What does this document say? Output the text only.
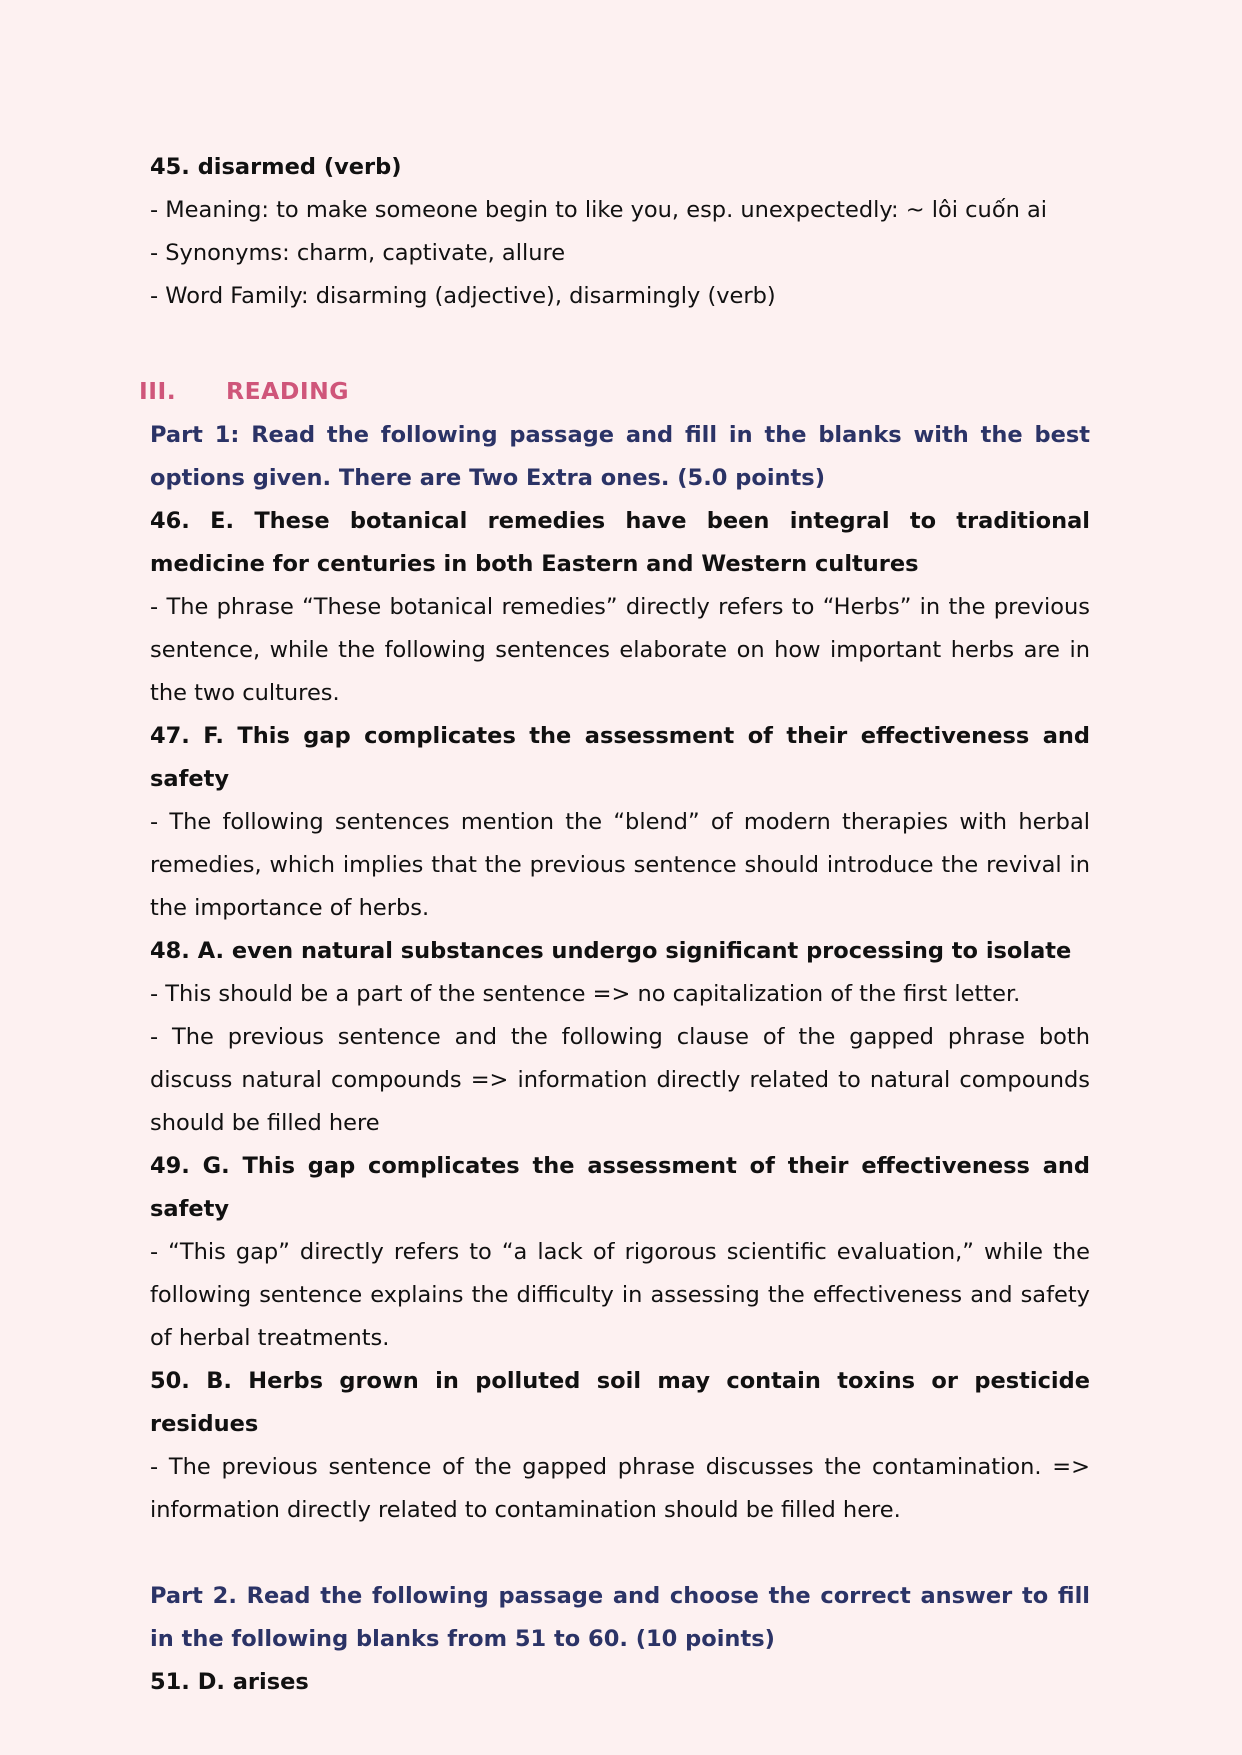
45. disarmed (verb)

- Meaning: to make someone begin to like you, esp. unexpectedly: ~ lôi cuốn ai

- Synonyms: charm, captivate, allure

- Word Family: disarming (adjective), disarmingly (verb)

III. READING

Part 1: Read the following passage and fill in the blanks with the best options given. There are Two Extra ones. (5.0 points)

46. E. These botanical remedies have been integral to traditional medicine for centuries in both Eastern and Western cultures

- The phrase “These botanical remedies” directly refers to “Herbs” in the previous sentence, while the following sentences elaborate on how important herbs are in the two cultures.

47. F. This gap complicates the assessment of their effectiveness and safety

- The following sentences mention the “blend” of modern therapies with herbal remedies, which implies that the previous sentence should introduce the revival in the importance of herbs.

48. A. even natural substances undergo significant processing to isolate

- This should be a part of the sentence => no capitalization of the first letter.

- The previous sentence and the following clause of the gapped phrase both discuss natural compounds => information directly related to natural compounds should be filled here

49. G. This gap complicates the assessment of their effectiveness and safety

- “This gap” directly refers to “a lack of rigorous scientific evaluation,” while the following sentence explains the difficulty in assessing the effectiveness and safety of herbal treatments.

50. B. Herbs grown in polluted soil may contain toxins or pesticide residues

- The previous sentence of the gapped phrase discusses the contamination. => information directly related to contamination should be filled here.

Part 2. Read the following passage and choose the correct answer to fill in the following blanks from 51 to 60. (10 points)

51. D. arises
